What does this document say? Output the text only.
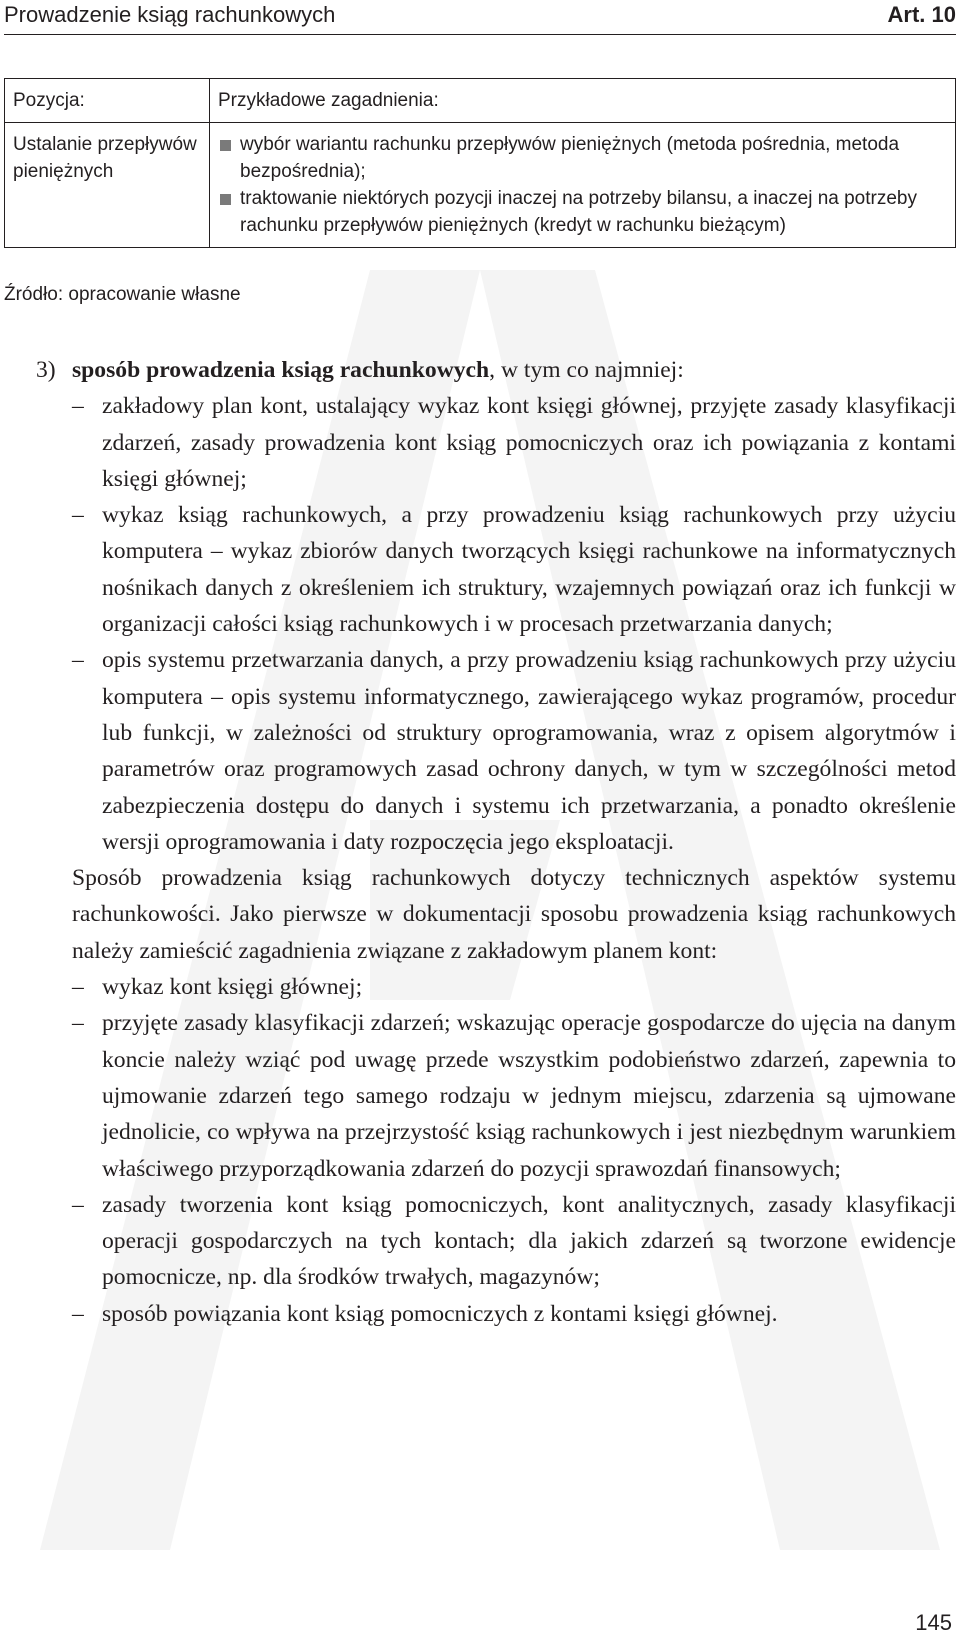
Prowadzenie ksiąg rachunkowych	Art. 10
Pozycja:	Przykładowe zagadnienia:
Ustalanie przepływów pieniężnych	wybór wariantu rachunku przepływów pieniężnych (metoda pośrednia, metoda bezpośrednia);
traktowanie niektórych pozycji inaczej na potrzeby bilansu, a inaczej na potrzeby rachunku przepływów pieniężnych (kredyt w rachunku bieżącym)
Źródło: opracowanie własne
3) sposób prowadzenia ksiąg rachunkowych, w tym co najmniej:
– zakładowy plan kont, ustalający wykaz kont księgi głównej, przyjęte zasady klasyfikacji zdarzeń, zasady prowadzenia kont ksiąg pomocniczych oraz ich powiązania z kontami księgi głównej;
– wykaz ksiąg rachunkowych, a przy prowadzeniu ksiąg rachunkowych przy użyciu komputera – wykaz zbiorów danych tworzących księgi rachunkowe na informatycznych nośnikach danych z określeniem ich struktury, wzajemnych powiązań oraz ich funkcji w organizacji całości ksiąg rachunkowych i w procesach przetwarzania danych;
– opis systemu przetwarzania danych, a przy prowadzeniu ksiąg rachunkowych przy użyciu komputera – opis systemu informatycznego, zawierającego wykaz programów, procedur lub funkcji, w zależności od struktury oprogramowania, wraz z opisem algorytmów i parametrów oraz programowych zasad ochrony danych, w tym w szczególności metod zabezpieczenia dostępu do danych i systemu ich przetwarzania, a ponadto określenie wersji oprogramowania i daty rozpoczęcia jego eksploatacji.

Sposób prowadzenia ksiąg rachunkowych dotyczy technicznych aspektów systemu rachunkowości. Jako pierwsze w dokumentacji sposobu prowadzenia ksiąg rachunkowych należy zamieścić zagadnienia związane z zakładowym planem kont:

– wykaz kont księgi głównej;
– przyjęte zasady klasyfikacji zdarzeń; wskazując operacje gospodarcze do ujęcia na danym koncie należy wziąć pod uwagę przede wszystkim podobieństwo zdarzeń, zapewnia to ujmowanie zdarzeń tego samego rodzaju w jednym miejscu, zdarzenia są ujmowane jednolicie, co wpływa na przejrzystość ksiąg rachunkowych i jest niezbędnym warunkiem właściwego przyporządkowania zdarzeń do pozycji sprawozdań finansowych;
– zasady tworzenia kont ksiąg pomocniczych, kont analitycznych, zasady klasyfikacji operacji gospodarczych na tych kontach; dla jakich zdarzeń są tworzone ewidencje pomocnicze, np. dla środków trwałych, magazynów;
– sposób powiązania kont ksiąg pomocniczych z kontami księgi głównej.
145
